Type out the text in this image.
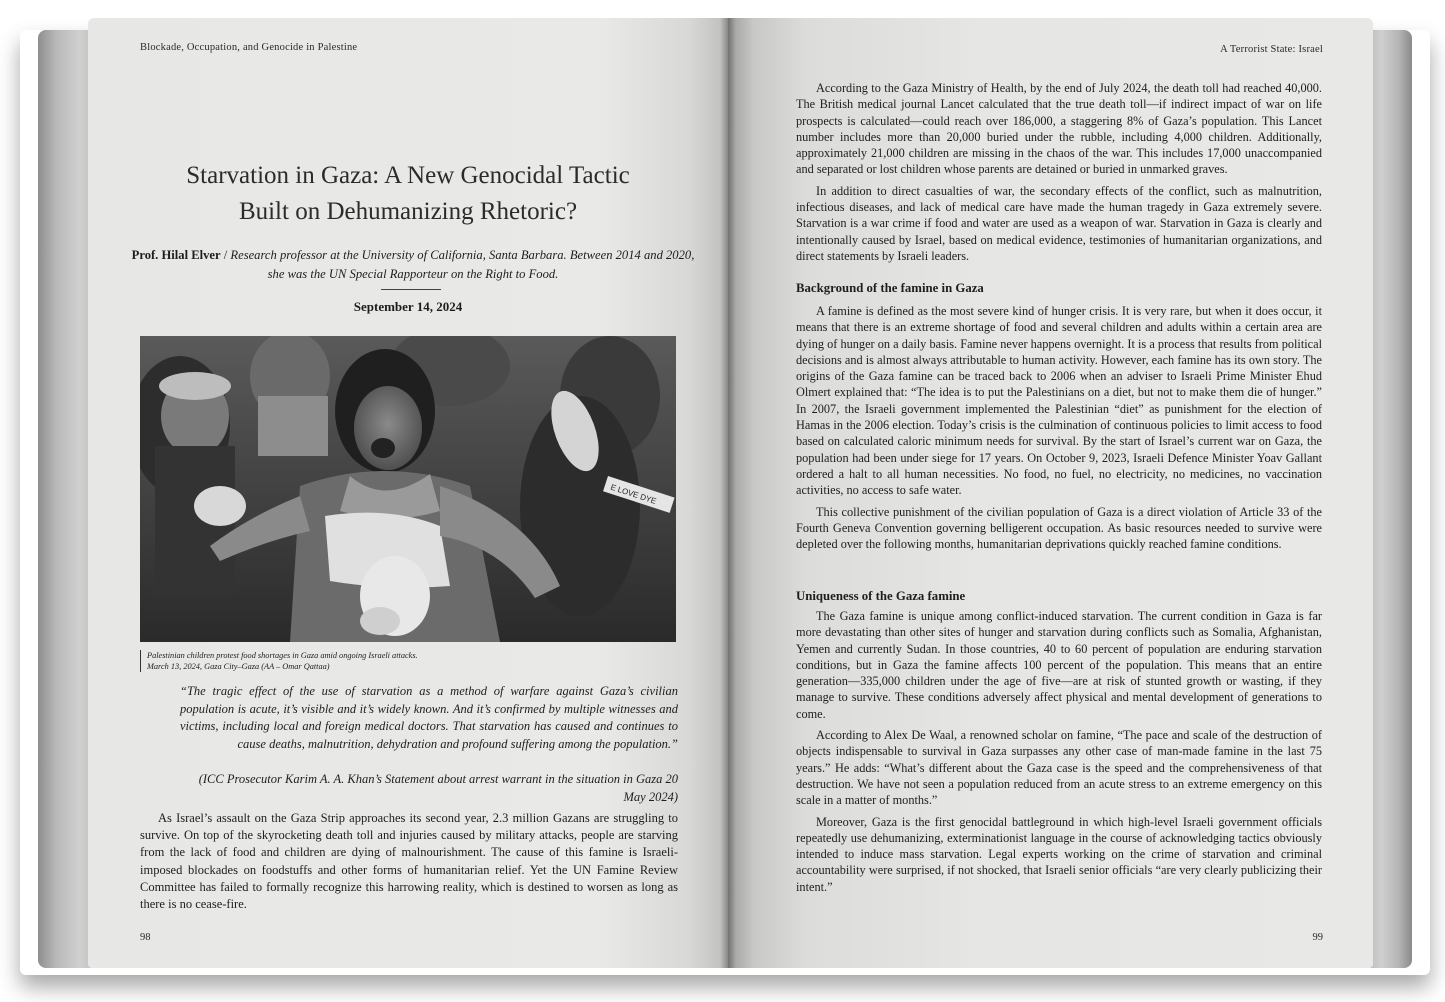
Blockade, Occupation, and Genocide in Palestine
Starvation in Gaza: A New Genocidal Tactic
Built on Dehumanizing Rhetoric?
Prof. Hilal Elver / Research professor at the University of California, Santa Barbara. Between 2014 and 2020, she was the UN Special Rapporteur on the Right to Food.
September 14, 2024
E LOVE DYE
Palestinian children protest food shortages in Gaza amid ongoing Israeli attacks.
March 13, 2024, Gaza City–Gaza (AA – Omar Qattaa)
“The tragic effect of the use of starvation as a method of warfare against Gaza’s civilian population is acute, it’s visible and it’s widely known. And it’s confirmed by multiple witnesses and victims, including local and foreign medical doctors. That starvation has caused and continues to cause deaths, malnutrition, dehydration and profound suffering among the population.”
(ICC Prosecutor Karim A. A. Khan’s Statement about arrest warrant in the situation in Gaza 20 May 2024)
As Israel’s assault on the Gaza Strip approaches its second year, 2.3 million Gazans are struggling to survive. On top of the skyrocketing death toll and injuries caused by military attacks, people are starving from the lack of food and children are dying of malnourishment. The cause of this famine is Israeli-imposed blockades on foodstuffs and other forms of humanitarian relief. Yet the UN Famine Review Committee has failed to formally recognize this harrowing reality, which is destined to worsen as long as there is no cease-fire.
98
A Terrorist State: Israel

According to the Gaza Ministry of Health, by the end of July 2024, the death toll had reached 40,000. The British medical journal Lancet calculated that the true death toll—if indirect impact of war on life prospects is calculated—could reach over 186,000, a staggering 8% of Gaza’s population. This Lancet number includes more than 20,000 buried under the rubble, including 4,000 children. Additionally, approximately 21,000 children are missing in the chaos of the war. This includes 17,000 unaccompanied and separated or lost children whose parents are detained or buried in unmarked graves.

In addition to direct casualties of war, the secondary effects of the conflict, such as malnutrition, infectious diseases, and lack of medical care have made the human tragedy in Gaza extremely severe. Starvation is a war crime if food and water are used as a weapon of war. Starvation in Gaza is clearly and intentionally caused by Israel, based on medical evidence, testimonies of humanitarian organizations, and direct statements by Israeli leaders.

Background of the famine in Gaza

A famine is defined as the most severe kind of hunger crisis. It is very rare, but when it does occur, it means that there is an extreme shortage of food and several children and adults within a certain area are dying of hunger on a daily basis. Famine never happens overnight. It is a process that results from political decisions and is almost always attributable to human activity. However, each famine has its own story. The origins of the Gaza famine can be traced back to 2006 when an adviser to Israeli Prime Minister Ehud Olmert explained that: “The idea is to put the Palestinians on a diet, but not to make them die of hunger.” In 2007, the Israeli government implemented the Palestinian “diet” as punishment for the election of Hamas in the 2006 election. Today’s crisis is the culmination of continuous policies to limit access to food based on calculated caloric minimum needs for survival. By the start of Israel’s current war on Gaza, the population had been under siege for 17 years. On October 9, 2023, Israeli Defence Minister Yoav Gallant ordered a halt to all human necessities. No food, no fuel, no electricity, no medicines, no vaccination activities, no access to safe water.

This collective punishment of the civilian population of Gaza is a direct violation of Article 33 of the Fourth Geneva Convention governing belligerent occupation. As basic resources needed to survive were depleted over the following months, humanitarian deprivations quickly reached famine conditions.

Uniqueness of the Gaza famine

The Gaza famine is unique among conflict-induced starvation. The current condition in Gaza is far more devastating than other sites of hunger and starvation during conflicts such as Somalia, Afghanistan, Yemen and currently Sudan. In those countries, 40 to 60 percent of population are enduring starvation conditions, but in Gaza the famine affects 100 percent of the population. This means that an entire generation—335,000 children under the age of five—are at risk of stunted growth or wasting, if they manage to survive. These conditions adversely affect physical and mental development of generations to come.

According to Alex De Waal, a renowned scholar on famine, “The pace and scale of the destruction of objects indispensable to survival in Gaza surpasses any other case of man-made famine in the last 75 years.” He adds: “What’s different about the Gaza case is the speed and the comprehensiveness of that destruction. We have not seen a population reduced from an acute stress to an extreme emergency on this scale in a matter of months.”

Moreover, Gaza is the first genocidal battleground in which high-level Israeli government officials repeatedly use dehumanizing, exterminationist language in the course of acknowledging tactics obviously intended to induce mass starvation. Legal experts working on the crime of starvation and criminal accountability were surprised, if not shocked, that Israeli senior officials “are very clearly publicizing their intent.”

99
